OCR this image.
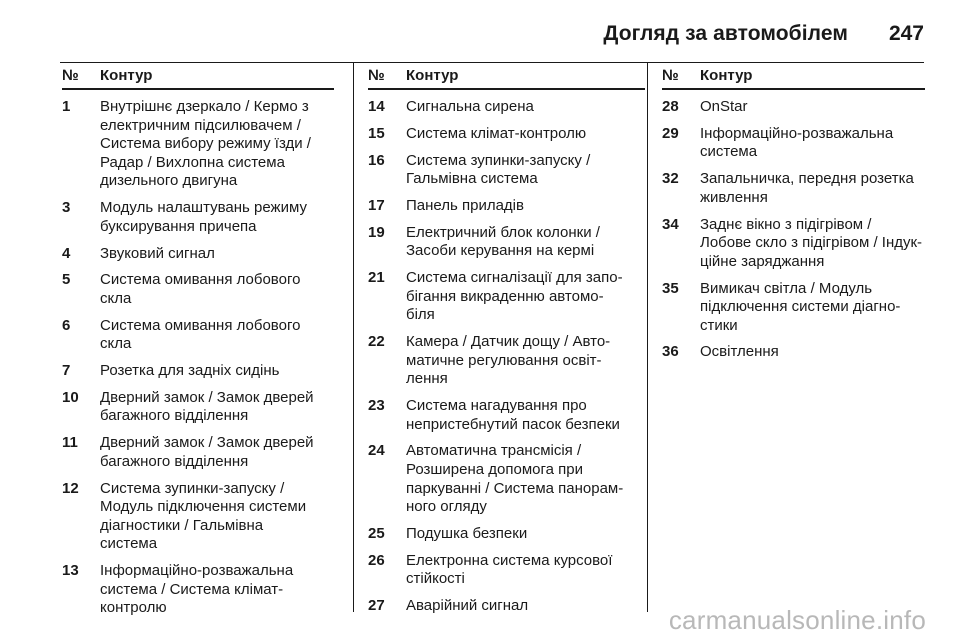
Догляд за автомобілем 247
№	Контур
1	Внутрішнє дзеркало / Кермо з
електричним підсилювачем /
Система вибору режиму їзди /
Радар / Вихлопна система
дизельного двигуна
3	Модуль налаштувань режиму
буксирування причепа
4	Звуковий сигнал
5	Система омивання лобового
скла
6	Система омивання лобового
скла
7	Розетка для задніх сидінь
10	Дверний замок / Замок дверей
багажного відділення
11	Дверний замок / Замок дверей
багажного відділення
12	Система зупинки-запуску /
Модуль підключення системи
діагностики / Гальмівна
система
13	Інформаційно-розважальна
система / Система клімат-
контролю
№	Контур
14	Сигнальна сирена
15	Система клімат-контролю
16	Система зупинки-запуску /
Гальмівна система
17	Панель приладів
19	Електричний блок колонки /
Засоби керування на кермі
21	Система сигналізації для запо-
бігання викраденню автомо-
біля
22	Камера / Датчик дощу / Авто-
матичне регулювання освіт-
лення
23	Система нагадування про
непристебнутий пасок безпеки
24	Автоматична трансмісія /
Розширена допомога при
паркуванні / Система панорам-
ного огляду
25	Подушка безпеки
26	Електронна система курсової
стійкості
27	Аварійний сигнал
№	Контур
28	OnStar
29	Інформаційно-розважальна
система
32	Запальничка, передня розетка
живлення
34	Заднє вікно з підігрівом /
Лобове скло з підігрівом / Індук-
ційне заряджання
35	Вимикач світла / Модуль
підключення системи діагно-
стики
36	Освітлення
carmanualsonline.info
